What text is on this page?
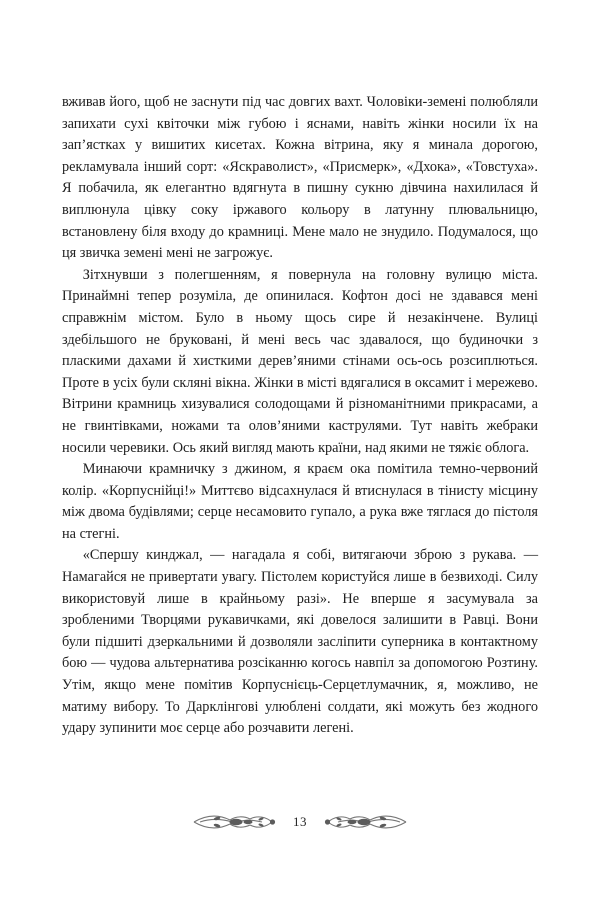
вживав його, щоб не заснути під час довгих вахт. Чоловіки-земені полюбляли запихати сухі квіточки між губою і яснами, навіть жінки носили їх на зап’ястках у вишитих кисетах. Кожна вітрина, яку я минала дорогою, рекламувала інший сорт: «Яскраволист», «Присмерк», «Дхока», «Товстуха». Я побачила, як елегантно вдягнута в пишну сукню дівчина нахилилася й виплюнула цівку соку іржавого кольору в латунну плювальницю, встановлену біля входу до крамниці. Мене мало не знудило. Подумалося, що ця звичка земені мені не загрожує.

Зітхнувши з полегшенням, я повернула на головну вулицю міста. Принаймні тепер розуміла, де опинилася. Кофтон досі не здавався мені справжнім містом. Було в ньому щось сире й незакінчене. Вулиці здебільшого не бруковані, й мені весь час здавалося, що будиночки з пласкими дахами й хисткими дерев’яними стінами ось-ось розсиплються. Проте в усіх були скляні вікна. Жінки в місті вдягалися в оксамит і мережево. Вітрини крамниць хизувалися солодощами й різноманітними прикрасами, а не гвинтівками, ножами та олов’яними каструлями. Тут навіть жебраки носили черевики. Ось який вигляд мають країни, над якими не тяжіє облога.

Минаючи крамничку з джином, я краєм ока помітила темно-червоний колір. «Корпуснійці!» Миттєво відсахнулася й втиснулася в тінисту місцину між двома будівлями; серце несамовито гупало, а рука вже тяглася до пістоля на стегні.

«Спершу кинджал, — нагадала я собі, витягаючи зброю з рукава. — Намагайся не привертати увагу. Пістолем користуйся лише в безвиході. Силу використовуй лише в крайньому разі». Не вперше я засумувала за зробленими Творцями рукавичками, які довелося залишити в Равці. Вони були підшиті дзеркальними й дозволяли засліпити суперника в контактному бою — чудова альтернатива розсіканню когось навпіл за допомогою Розтину. Утім, якщо мене помітив Корпуснієць-Серцетлумачник, я, можливо, не матиму вибору. То Дарклінгові улюблені солдати, які можуть без жодного удару зупинити моє серце або розчавити легені.

13
